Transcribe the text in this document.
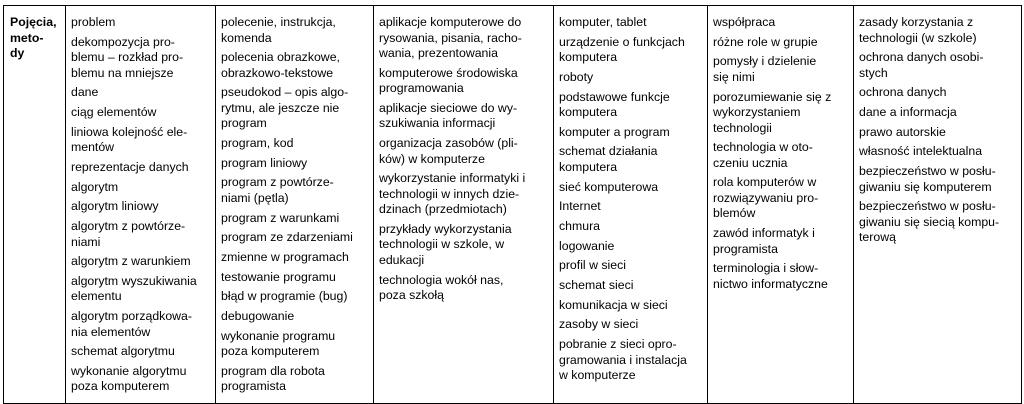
Pojęcia,
meto-
dy

problem
dekompozycja pro-
blemu – rozkład pro-
blemu na mniejsze
dane
ciąg elementów
liniowa kolejność ele-
mentów
reprezentacje danych
algorytm
algorytm liniowy
algorytm z powtórze-
niami
algorytm z warunkiem
algorytm wyszukiwania
elementu
algorytm porządkowa-
nia elementów
schemat algorytmu
wykonanie algorytmu
poza komputerem

polecenie, instrukcja,
komenda
polecenia obrazkowe,
obrazkowo-tekstowe
pseudokod – opis algo-
rytmu, ale jeszcze nie
program
program, kod
program liniowy
program z powtórze-
niami (pętla)
program z warunkami
program ze zdarzeniami
zmienne w programach
testowanie programu
błąd w programie (bug)
debugowanie
wykonanie programu
poza komputerem
program dla robota
programista

aplikacje komputerowe do
rysowania, pisania, racho-
wania, prezentowania
komputerowe środowiska
programowania
aplikacje sieciowe do wy-
szukiwania informacji
organizacja zasobów (pli-
ków) w komputerze
wykorzystanie informatyki i
technologii w innych dzie-
dzinach (przedmiotach)
przykłady wykorzystania
technologii w szkole, w
edukacji
technologia wokół nas,
poza szkołą

komputer, tablet
urządzenie o funkcjach
komputera
roboty
podstawowe funkcje
komputera
komputer a program
schemat działania
komputera
sieć komputerowa
Internet
chmura
logowanie
profil w sieci
schemat sieci
komunikacja w sieci
zasoby w sieci
pobranie z sieci opro-
gramowania i instalacja
w komputerze

współpraca
różne role w grupie
pomysły i dzielenie
się nimi
porozumiewanie się z
wykorzystaniem
technologii
technologia w oto-
czeniu ucznia
rola komputerów w
rozwiązywaniu pro-
blemów
zawód informatyk i
programista
terminologia i słow-
nictwo informatyczne

zasady korzystania z
technologii (w szkole)
ochrona danych osobi-
stych
ochrona danych
dane a informacja
prawo autorskie
własność intelektualna
bezpieczeństwo w posłu-
giwaniu się komputerem
bezpieczeństwo w posłu-
giwaniu się siecią kompu-
terową
